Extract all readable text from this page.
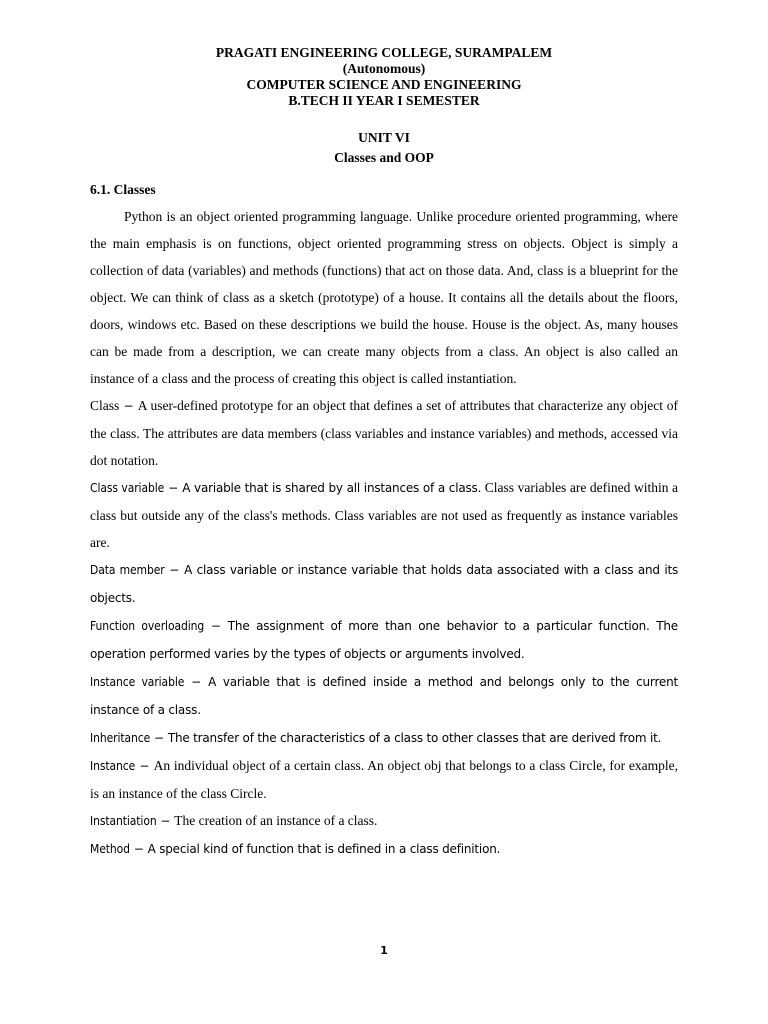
PRAGATI ENGINEERING COLLEGE, SURAMPALEM
(Autonomous)
COMPUTER SCIENCE AND ENGINEERING
B.TECH II YEAR I SEMESTER
UNIT VI
Classes and OOP
6.1. Classes

Python is an object oriented programming language. Unlike procedure oriented programming, where the main emphasis is on functions, object oriented programming stress on objects. Object is simply a collection of data (variables) and methods (functions) that act on those data. And, class is a blueprint for the object. We can think of class as a sketch (prototype) of a house. It contains all the details about the floors, doors, windows etc. Based on these descriptions we build the house. House is the object. As, many houses can be made from a description, we can create many objects from a class. An object is also called an instance of a class and the process of creating this object is called instantiation.

Class − A user-defined prototype for an object that defines a set of attributes that characterize any object of the class. The attributes are data members (class variables and instance variables) and methods, accessed via dot notation.

Class variable − A variable that is shared by all instances of a class. Class variables are defined within a class but outside any of the class's methods. Class variables are not used as frequently as instance variables are.

Data member − A class variable or instance variable that holds data associated with a class and its objects.

Function overloading − The assignment of more than one behavior to a particular function. The operation performed varies by the types of objects or arguments involved.

Instance variable − A variable that is defined inside a method and belongs only to the current instance of a class.

Inheritance − The transfer of the characteristics of a class to other classes that are derived from it.

Instance − An individual object of a certain class. An object obj that belongs to a class Circle, for example, is an instance of the class Circle.

Instantiation − The creation of an instance of a class.

Method − A special kind of function that is defined in a class definition.

1
